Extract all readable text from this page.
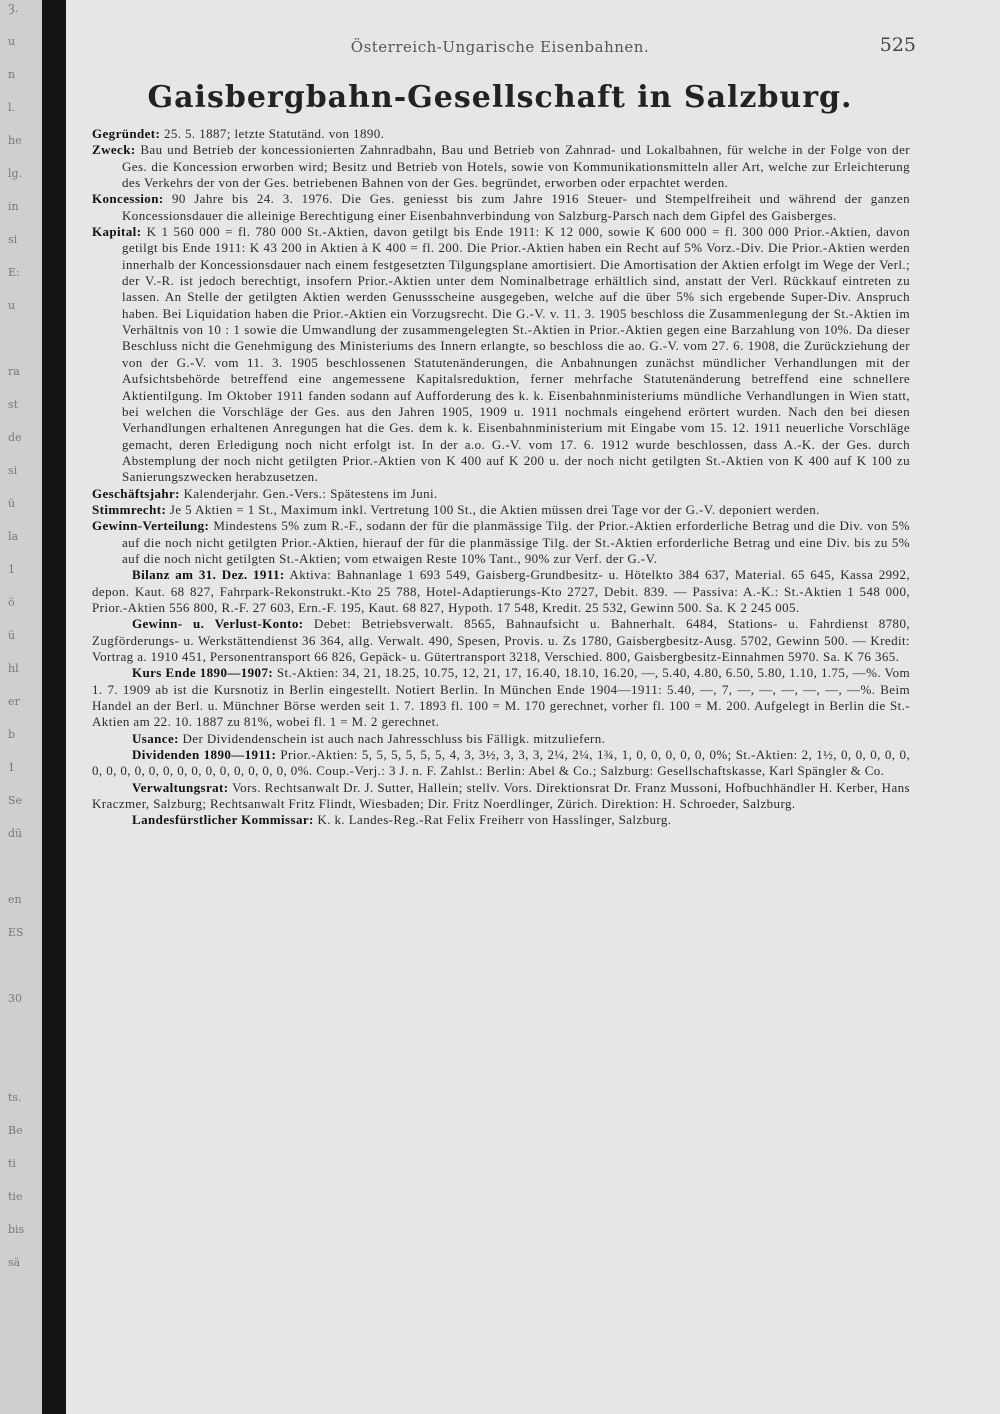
Ȝ.
u
n
l.
he
lg.
in
si
E:
u
ra
st
de
si
ü
la
1
ö
ü
hl
er
b
1
Se
dü
en
ЕS
30
ts.
Be
ti
tie
bis
sä
Österreich-Ungarische Eisenbahnen.	525
Gaisbergbahn-Gesellschaft in Salzburg.

Gegründet: 25. 5. 1887; letzte Statutänd. von 1890.

Zweck: Bau und Betrieb der koncessionierten Zahnradbahn, Bau und Betrieb von Zahnrad- und Lokalbahnen, für welche in der Folge von der Ges. die Koncession erworben wird; Besitz und Betrieb von Hotels, sowie von Kommunikationsmitteln aller Art, welche zur Erleichterung des Verkehrs der von der Ges. betriebenen Bahnen von der Ges. begründet, erworben oder erpachtet werden.

Koncession: 90 Jahre bis 24. 3. 1976. Die Ges. geniesst bis zum Jahre 1916 Steuer- und Stempelfreiheit und während der ganzen Koncessionsdauer die alleinige Berechtigung einer Eisenbahnverbindung von Salzburg-Parsch nach dem Gipfel des Gaisberges.

Kapital: K 1 560 000 = fl. 780 000 St.-Aktien, davon getilgt bis Ende 1911: K 12 000, sowie K 600 000 = fl. 300 000 Prior.-Aktien, davon getilgt bis Ende 1911: K 43 200 in Aktien à K 400 = fl. 200. Die Prior.-Aktien haben ein Recht auf 5% Vorz.-Div. Die Prior.-Aktien werden innerhalb der Koncessionsdauer nach einem festgesetzten Tilgungsplane amortisiert. Die Amortisation der Aktien erfolgt im Wege der Verl.; der V.-R. ist jedoch berechtigt, insofern Prior.-Aktien unter dem Nominalbetrage erhältlich sind, anstatt der Verl. Rückkauf eintreten zu lassen. An Stelle der getilgten Aktien werden Genussscheine ausgegeben, welche auf die über 5% sich ergebende Super-Div. Anspruch haben. Bei Liquidation haben die Prior.-Aktien ein Vorzugsrecht. Die G.-V. v. 11. 3. 1905 beschloss die Zusammenlegung der St.-Aktien im Verhältnis von 10 : 1 sowie die Umwandlung der zusammengelegten St.-Aktien in Prior.-Aktien gegen eine Barzahlung von 10%. Da dieser Beschluss nicht die Genehmigung des Ministeriums des Innern erlangte, so beschloss die ao. G.-V. vom 27. 6. 1908, die Zurückziehung der von der G.-V. vom 11. 3. 1905 beschlossenen Statutenänderungen, die Anbahnungen zunächst mündlicher Verhandlungen mit der Aufsichtsbehörde betreffend eine angemessene Kapitalsreduktion, ferner mehrfache Statutenänderung betreffend eine schnellere Aktientilgung. Im Oktober 1911 fanden sodann auf Aufforderung des k. k. Eisenbahnministeriums mündliche Verhandlungen in Wien statt, bei welchen die Vorschläge der Ges. aus den Jahren 1905, 1909 u. 1911 nochmals eingehend erörtert wurden. Nach den bei diesen Verhandlungen erhaltenen Anregungen hat die Ges. dem k. k. Eisenbahnministerium mit Eingabe vom 15. 12. 1911 neuerliche Vorschläge gemacht, deren Erledigung noch nicht erfolgt ist. In der a.o. G.-V. vom 17. 6. 1912 wurde beschlossen, dass A.-K. der Ges. durch Abstemplung der noch nicht getilgten Prior.-Aktien von K 400 auf K 200 u. der noch nicht getilgten St.-Aktien von K 400 auf K 100 zu Sanierungszwecken herabzusetzen.

Geschäftsjahr: Kalenderjahr. Gen.-Vers.: Spätestens im Juni.

Stimmrecht: Je 5 Aktien = 1 St., Maximum inkl. Vertretung 100 St., die Aktien müssen drei Tage vor der G.-V. deponiert werden.

Gewinn-Verteilung: Mindestens 5% zum R.-F., sodann der für die planmässige Tilg. der Prior.-Aktien erforderliche Betrag und die Div. von 5% auf die noch nicht getilgten Prior.-Aktien, hierauf der für die planmässige Tilg. der St.-Aktien erforderliche Betrag und eine Div. bis zu 5% auf die noch nicht getilgten St.-Aktien; vom etwaigen Reste 10% Tant., 90% zur Verf. der G.-V.

Bilanz am 31. Dez. 1911: Aktiva: Bahnanlage 1 693 549, Gaisberg-Grundbesitz- u. Hötelkto 384 637, Material. 65 645, Kassa 2992, depon. Kaut. 68 827, Fahrpark-Rekonstrukt.-Kto 25 788, Hotel-Adaptierungs-Kto 2727, Debit. 839. — Passiva: A.-K.: St.-Aktien 1 548 000, Prior.-Aktien 556 800, R.-F. 27 603, Ern.-F. 195, Kaut. 68 827, Hypoth. 17 548, Kredit. 25 532, Gewinn 500. Sa. K 2 245 005.

Gewinn- u. Verlust-Konto: Debet: Betriebsverwalt. 8565, Bahnaufsicht u. Bahnerhalt. 6484, Stations- u. Fahrdienst 8780, Zugförderungs- u. Werkstättendienst 36 364, allg. Verwalt. 490, Spesen, Provis. u. Zs 1780, Gaisbergbesitz-Ausg. 5702, Gewinn 500. — Kredit: Vortrag a. 1910 451, Personentransport 66 826, Gepäck- u. Gütertransport 3218, Verschied. 800, Gaisbergbesitz-Einnahmen 5970. Sa. K 76 365.

Kurs Ende 1890—1907: St.-Aktien: 34, 21, 18.25, 10.75, 12, 21, 17, 16.40, 18.10, 16.20, —, 5.40, 4.80, 6.50, 5.80, 1.10, 1.75, —%. Vom 1. 7. 1909 ab ist die Kursnotiz in Berlin eingestellt. Notiert Berlin. In München Ende 1904—1911: 5.40, —, 7, —, —, —, —, —, —%. Beim Handel an der Berl. u. Münchner Börse werden seit 1. 7. 1893 fl. 100 = M. 170 gerechnet, vorher fl. 100 = M. 200. Aufgelegt in Berlin die St.-Aktien am 22. 10. 1887 zu 81%, wobei fl. 1 = M. 2 gerechnet.

Usance: Der Dividendenschein ist auch nach Jahresschluss bis Fälligk. mitzuliefern.

Dividenden 1890—1911: Prior.-Aktien: 5, 5, 5, 5, 5, 5, 4, 3, 3½, 3, 3, 3, 2¼, 2¼, 1¾, 1, 0, 0, 0, 0, 0, 0%; St.-Aktien: 2, 1½, 0, 0, 0, 0, 0, 0, 0, 0, 0, 0, 0, 0, 0, 0, 0, 0, 0, 0, 0, 0%. Coup.-Verj.: 3 J. n. F. Zahlst.: Berlin: Abel & Co.; Salzburg: Gesellschaftskasse, Karl Spängler & Co.

Verwaltungsrat: Vors. Rechtsanwalt Dr. J. Sutter, Hallein; stellv. Vors. Direktionsrat Dr. Franz Mussoni, Hofbuchhändler H. Kerber, Hans Kraczmer, Salzburg; Rechtsanwalt Fritz Flindt, Wiesbaden; Dir. Fritz Noerdlinger, Zürich. Direktion: H. Schroeder, Salzburg.

Landesfürstlicher Kommissar: K. k. Landes-Reg.-Rat Felix Freiherr von Hasslinger, Salzburg.
